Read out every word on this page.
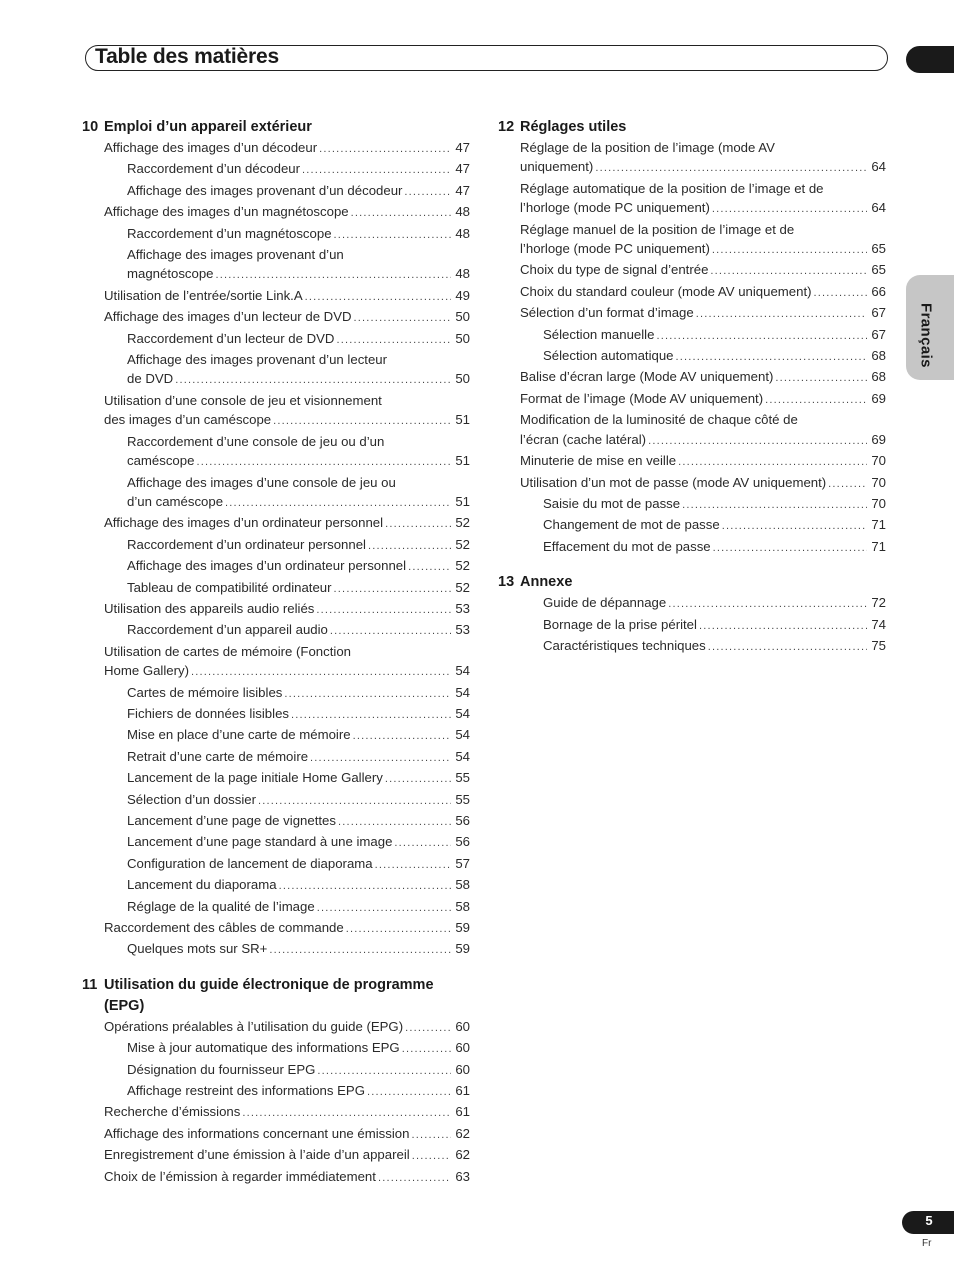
Table des matières
Français
10 Emploi d’un appareil extérieur
Affichage des images d’un décodeur .....	47
Raccordement d’un décodeur .....	47
Affichage des images provenant d’un décodeur .....	47
Affichage des images d’un magnétoscope .....	48
Raccordement d’un magnétoscope .....	48
Affichage des images provenant d’un
magnétoscope .....	48
Utilisation de l’entrée/sortie Link.A .....	49
Affichage des images d’un lecteur de DVD .....	50
Raccordement d’un lecteur de DVD .....	50
Affichage des images provenant d’un lecteur
de DVD .....	50
Utilisation d’une console de jeu et visionnement
des images d’un caméscope .....	51
Raccordement d’une console de jeu ou d’un
caméscope .....	51
Affichage des images d’une console de jeu ou
d’un caméscope .....	51
Affichage des images d’un ordinateur personnel .....	52
Raccordement d’un ordinateur personnel .....	52
Affichage des images d’un ordinateur personnel .....	52
Tableau de compatibilité ordinateur .....	52
Utilisation des appareils audio reliés .....	53
Raccordement d’un appareil audio .....	53
Utilisation de cartes de mémoire (Fonction
Home Gallery) .....	54
Cartes de mémoire lisibles .....	54
Fichiers de données lisibles .....	54
Mise en place d’une carte de mémoire .....	54
Retrait d’une carte de mémoire .....	54
Lancement de la page initiale Home Gallery .....	55
Sélection d’un dossier .....	55
Lancement d’une page de vignettes .....	56
Lancement d’une page standard à une image .....	56
Configuration de lancement de diaporama .....	57
Lancement du diaporama .....	58
Réglage de la qualité de l’image .....	58
Raccordement des câbles de commande .....	59
Quelques mots sur SR+ .....	59
11 Utilisation du guide électronique de programme (EPG)
Opérations préalables à l’utilisation du guide (EPG) .....	60
Mise à jour automatique des informations EPG .....	60
Désignation du fournisseur EPG .....	60
Affichage restreint des informations EPG .....	61
Recherche d’émissions .....	61
Affichage des informations concernant une émission .....	62
Enregistrement d’une émission à l’aide d’un appareil .....	62
Choix de l’émission à regarder immédiatement .....	63
12 Réglages utiles
Réglage de la position de l’image (mode AV
uniquement) .....	64
Réglage automatique de la position de l’image et de
l’horloge (mode PC uniquement) .....	64
Réglage manuel de la position de l’image et de
l’horloge (mode PC uniquement) .....	65
Choix du type de signal d’entrée .....	65
Choix du standard couleur (mode AV uniquement) .....	66
Sélection d’un format d’image .....	67
Sélection manuelle .....	67
Sélection automatique .....	68
Balise d’écran large (Mode AV uniquement) .....	68
Format de l’image (Mode AV uniquement) .....	69
Modification de la luminosité de chaque côté de
l’écran (cache latéral) .....	69
Minuterie de mise en veille .....	70
Utilisation d’un mot de passe (mode AV uniquement) .....	70
Saisie du mot de passe .....	70
Changement de mot de passe .....	71
Effacement du mot de passe .....	71
13 Annexe
Guide de dépannage .....	72
Bornage de la prise péritel .....	74
Caractéristiques techniques .....	75
5
Fr
